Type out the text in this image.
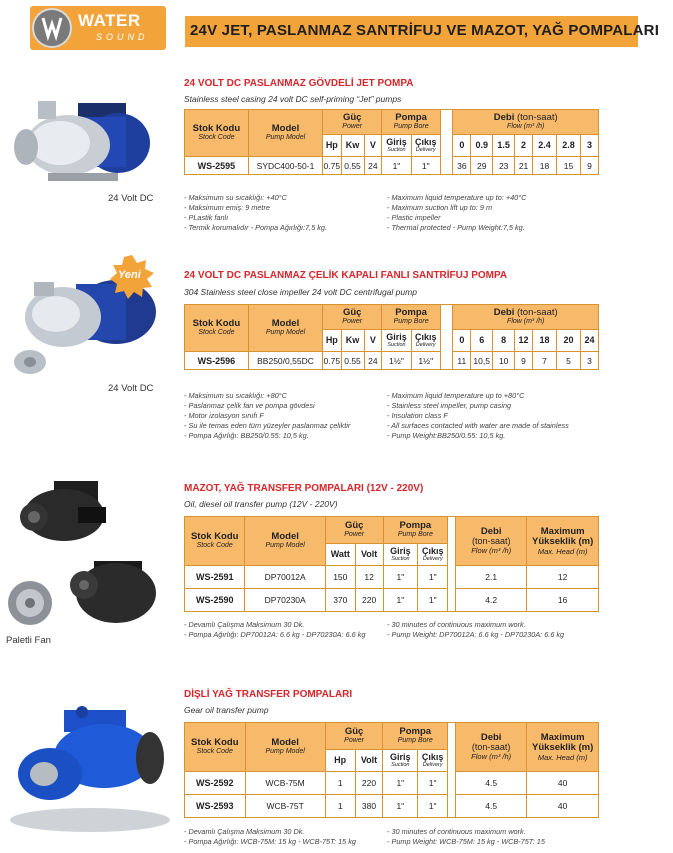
WATER
SOUND	24V JET, PASLANMAZ SANTRİFUJ VE MAZOT, YAĞ POMPALARI
24 Volt DC
24 VOLT DC PASLANMAZ GÖVDELİ JET POMPA
Stainless steel casing 24 volt DC self-priming “Jet” pumps
Stok Kodu
Stock Code	Model
Pump Model	Güç
Power			Pompa
Pump Bore			Debi (ton-saat)
Flow (m³ /h)						

		Hp	Kw	V	Giriş
Suction	Çıkış
Delivery		0	0.9	1.5	2	2.4	2.8	3
WS-2595	SYDC400-50-1	0.75	0.55	24	1"	1"		36	29	23	21	18	15	9
- Maksimum su sıcaklığı: +40°C
- Maksimum emiş: 9 metre
- PLastik fanlı
- Termik korumalıdır - Pompa Ağırlığı:7,5 kg.
- Maximum liquid temperature up to: +40°C
- Maximum suction lift up to: 9 m
- Plastic impeller
- Thermal protected - Pump Weight:7,5 kg.
Yeni
24 Volt DC
24 VOLT DC PASLANMAZ ÇELİK KAPALI FANLI SANTRİFUJ POMPA
304 Stainless steel close impeller 24 volt DC centrifugal pump
Stok Kodu
Stock Code	Model
Pump Model	Güç
Power			Pompa
Pump Bore			Debi (ton-saat)
Flow (m³ /h)						

		Hp	Kw	V	Giriş
Suction	Çıkış
Delivery		0	6	8	12	18	20	24
WS-2596	BB250/0,55DC	0.75	0.55	24	1½"	1½"		11	10,5	10	9	7	5	3
- Maksimum su sıcaklığı: +80°C
- Paslanmaz çelik fan ve pompa gövdesi
- Motor izolasyon sınıfı F
- Su ile temas eden tüm yüzeyler paslanmaz çeliktir
- Pompa Ağırlığı: BB250/0.55: 10,5 kg.
- Maximum liquid temperature up to +80°C
- Stainless steel impeller, pump casing
- Insulation class F
- All surfaces contacted with water are made of stainless
- Pump Weight:BB250/0.55: 10,5 kg.
Paletli Fan
MAZOT, YAĞ TRANSFER POMPALARI (12V - 220V)
Oil, diesel oil transfer pump (12V - 220V)
Stok Kodu
Stock Code	Model
Pump Model	Güç
Power		Pompa
Pump Bore			Debi
(ton-saat)
Flow (m³ /h)	Maximum
Yükseklik (m)
Max. Head (m)

		Watt	Volt	Giriş
Suction	Çıkış
Delivery			

WS-2591	DP70012A	150	12	1"	1"		2.1	12
WS-2590	DP70230A	370	220	1"	1"		4.2	16
- Devamlı Çalışma Maksimum 30 Dk.
- Pompa Ağırlığı: DP70012A: 6.6 kg - DP70230A: 6.6 kg
- 30 minutes of continuous maximum work.
- Pump Weight: DP70012A: 6.6 kg - DP70230A: 6.6 kg
DİŞLİ YAĞ TRANSFER POMPALARI
Gear oil transfer pump
Stok Kodu
Stock Code	Model
Pump Model	Güç
Power		Pompa
Pump Bore			Debi
(ton-saat)
Flow (m³ /h)	Maximum
Yükseklik (m)
Max. Head (m)

		Hp	Volt	Giriş
Suction	Çıkış
Delivery			

WS-2592	WCB-75M	1	220	1"	1"		4.5	40
WS-2593	WCB-75T	1	380	1"	1"		4.5	40
- Devamlı Çalışma Maksimum 30 Dk.
- Pompa Ağırlığı: WCB-75M: 15 kg - WCB-75T: 15 kg
- 30 minutes of continuous maximum work.
- Pump Weight: WCB-75M: 15 kg - WCB-75T: 15
